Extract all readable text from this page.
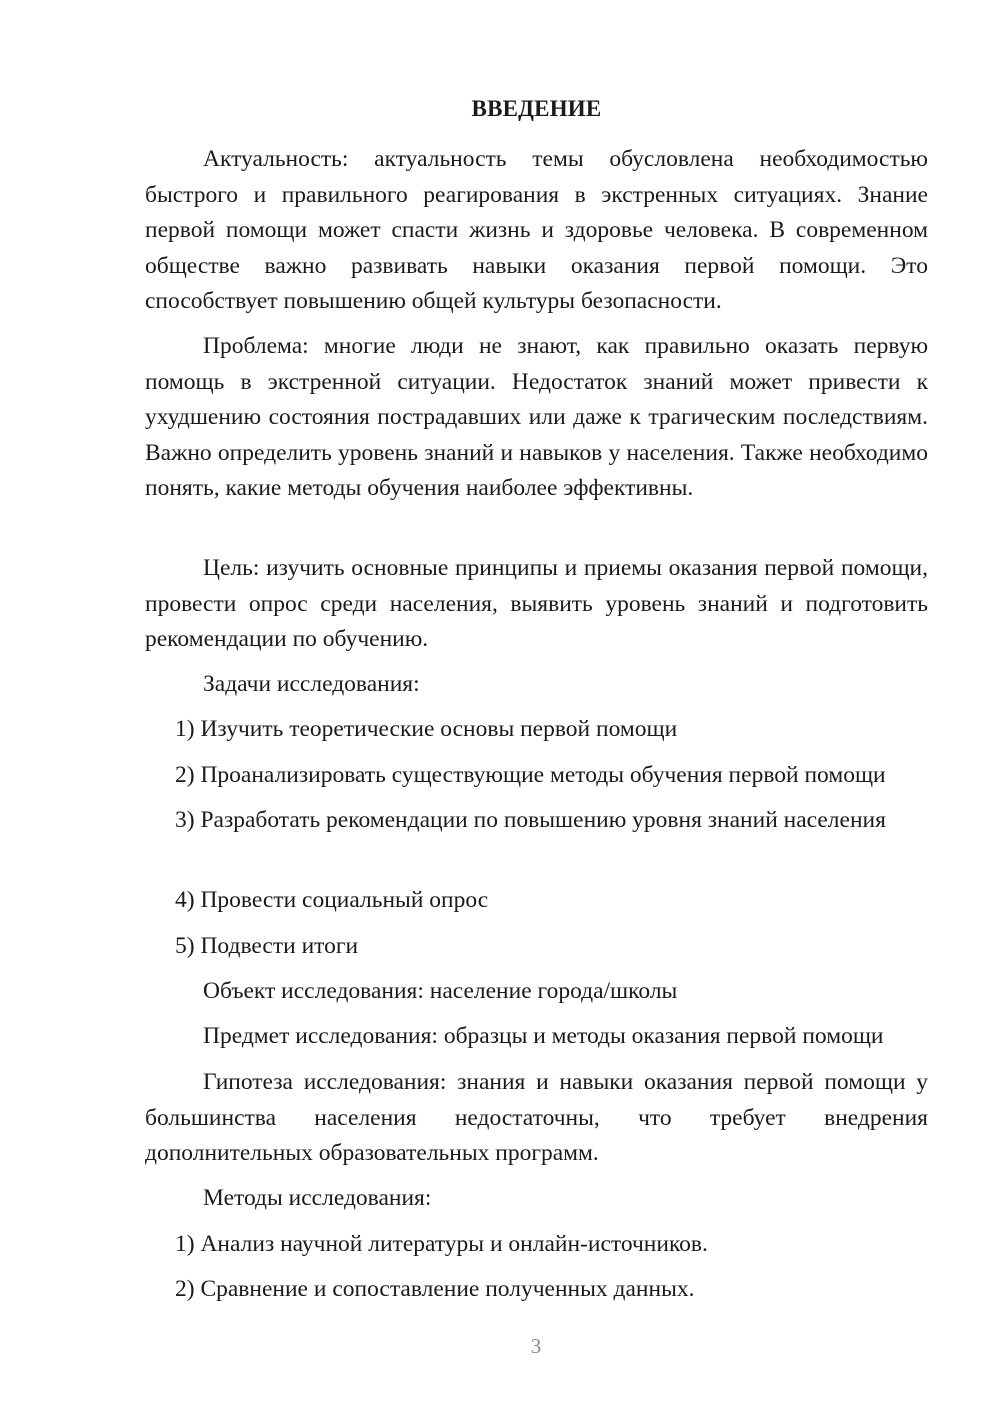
ВВЕДЕНИЕ
Актуальность: актуальность темы обусловлена необходимостью быстрого и правильного реагирования в экстренных ситуациях. Знание первой помощи может спасти жизнь и здоровье человека. В современном обществе важно развивать навыки оказания первой помощи. Это способствует повышению общей культуры безопасности.
Проблема: многие люди не знают, как правильно оказать первую помощь в экстренной ситуации. Недостаток знаний может привести к ухудшению состояния пострадавших или даже к трагическим последствиям. Важно определить уровень знаний и навыков у населения. Также необходимо понять, какие методы обучения наиболее эффективны.
Цель: изучить основные принципы и приемы оказания первой помощи, провести опрос среди населения, выявить уровень знаний и подготовить рекомендации по обучению.
Задачи исследования:
1) Изучить теоретические основы первой помощи
2) Проанализировать существующие методы обучения первой помощи
3) Разработать рекомендации по повышению уровня знаний населения
4) Провести социальный опрос
5) Подвести итоги
Объект исследования: население города/школы
Предмет исследования: образцы и методы оказания первой помощи
Гипотеза исследования: знания и навыки оказания первой помощи у большинства населения недостаточны, что требует внедрения дополнительных образовательных программ.
Методы исследования:
1) Анализ научной литературы и онлайн-источников.
2) Сравнение и сопоставление полученных данных.
3
